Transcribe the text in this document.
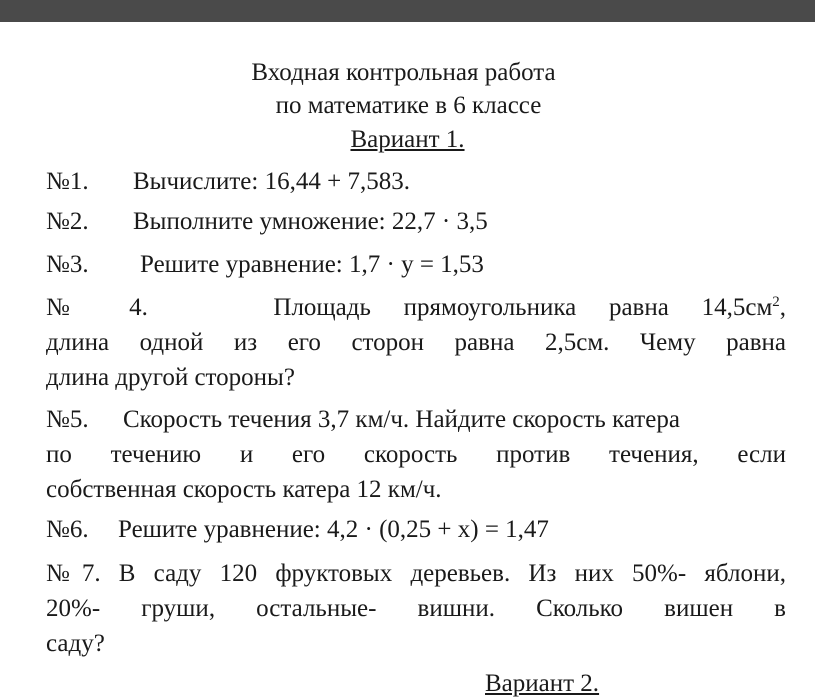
Входная контрольная работа
по математике в 6 классе
Вариант 1.
№1. Вычислите: 16,44 + 7,583.
№2. Выполните умножение: 22,7 · 3,5
№3. Решите уравнение: 1,7 · у = 1,53
№ 4.	Площадь прямоугольника равна $14,5см^2$,
длина одной из его сторон равна 2,5см. Чему равна
длина другой стороны?
№5. Скорость течения 3,7 км/ч. Найдите скорость катера
по течению и его скорость против течения, если
собственная скорость катера 12 км/ч.
№6. Решите уравнение: 4,2 · (0,25 + х) = 1,47
№7. В саду 120 фруктовых деревьев. Из них 50%- яблони,
20%- груши, остальные- вишни. Сколько вишен в
саду?
Вариант 2.
